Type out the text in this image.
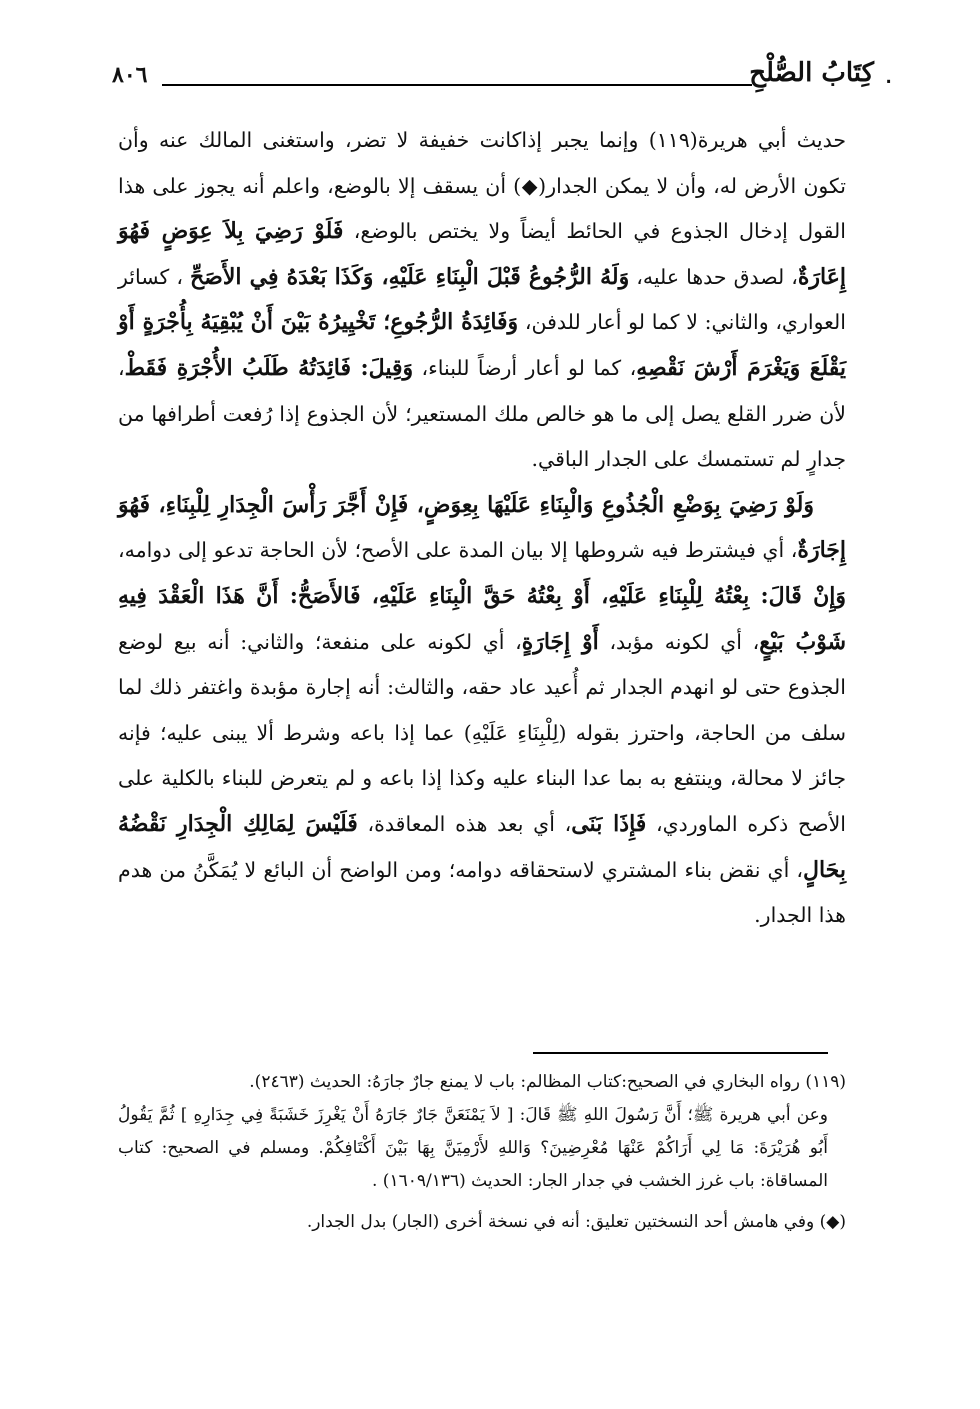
٠
كِتَابُ الصُّلْحِ
٨٠٦

حديث أبي هريرة(١١٩) وإنما يجبر إذاكانت خفيفة لا تضر، واستغنى المالك عنه وأن تكون الأرض له، وأن لا يمكن الجدار(◆) أن يسقف إلا بالوضع، واعلم أنه يجوز على هذا القول إدخال الجذوع في الحائط أيضاً ولا يختص بالوضع، فَلَوْ رَضِيَ بِلاَ عِوَضٍ فَهُوَ إِعَارَةٌ، لصدق حدها عليه، وَلَهُ الرُّجُوعُ قَبْلَ الْبِنَاءِ عَلَيْهِ، وَكَذَا بَعْدَهُ فِي الأَصَحِّ ، كسائر العواري، والثاني: لا كما لو أعار للدفن، وَفَائِدَةُ الرُّجُوعِ؛ تَخْيِيرُهُ بَيْنَ أَنْ يُبْقِيَهُ بِأُجْرَةٍ أَوْ يَقْلَعَ وَيَغْرَمَ أَرْشَ نَقْصِهِ، كما لو أعار أرضاً للبناء، وَقِيلَ: فَائِدَتُهُ طَلَبُ الأُجْرَةِ فَقَطْ، لأن ضرر القلع يصل إلى ما هو خالص ملك المستعير؛ لأن الجذوع إذا رُفعت أطرافها من جدارٍ لم تستمسك على الجدار الباقي.

وَلَوْ رَضِيَ بِوَضْعِ الْجُذُوعِ وَالْبِنَاءِ عَلَيْهَا بِعِوَضٍ، فَإِنْ أَجَّرَ رَأْسَ الْجِدَارِ لِلْبِنَاءِ، فَهُوَ إِجَارَةٌ، أي فيشترط فيه شروطها إلا بيان المدة على الأصح؛ لأن الحاجة تدعو إلى دوامه، وَإِنْ قَالَ: بِعْتُهُ لِلْبِنَاءِ عَلَيْهِ، أَوْ بِعْتُهُ حَقَّ الْبِنَاءِ عَلَيْهِ، فَالأَصَحُّ: أَنَّ هَذَا الْعَقْدَ فِيهِ شَوْبُ بَيْعٍ، أي لكونه مؤبد، أَوْ إِجَارَةٍ، أي لكونه على منفعة؛ والثاني: أنه بيع لوضع الجذوع حتى لو انهدم الجدار ثم أُعيد عاد حقه، والثالث: أنه إجارة مؤبدة واغتفر ذلك لما سلف من الحاجة، واحترز بقوله (لِلْبِنَاءِ عَلَيْهِ) عما إذا باعه وشرط ألا يبنى عليه؛ فإنه جائز لا محالة، وينتفع به بما عدا البناء عليه وكذا إذا باعه و لم يتعرض للبناء بالكلية على الأصح ذكره الماوردي، فَإِذَا بَنَى، أي بعد هذه المعاقدة، فَلَيْسَ لِمَالِكِ الْجِدَارِ نَقْضُهُ بِحَالٍ، أي نقض بناء المشتري لاستحقاقه دوامه؛ ومن الواضح أن البائع لا يُمَكَّنُ من هدم هذا الجدار.

(١١٩) رواه البخاري في الصحيح:كتاب المظالم: باب لا يمنع جارٌ جارَهُ: الحديث (٢٤٦٣).

وعن أبي هريرة ﷺ؛ أَنَّ رَسُولَ اللهِ ﷺ قَالَ: [ لاَ يَمْنَعَنَّ جَارٌ جَارَهُ أَنْ يَغْرِزَ خَشَبَةً فِي جِدَارِهِ ] ثُمَّ يَقُولُ أَبُو هُرَيْرَةَ: مَا لِي أَرَاكُمْ عَنْهَا مُعْرِضِينَ؟ وَاللهِ لأَرْمِيَنَّ بِهَا بَيْنَ أَكْتَافِكُمْ. ومسلم في الصحيح: كتاب المساقاة: باب غرز الخشب في جدار الجار: الحديث (١٦٠٩/١٣٦) .

(◆) وفي هامش أحد النسختين تعليق: أنه في نسخة أخرى (الجار) بدل الجدار.
